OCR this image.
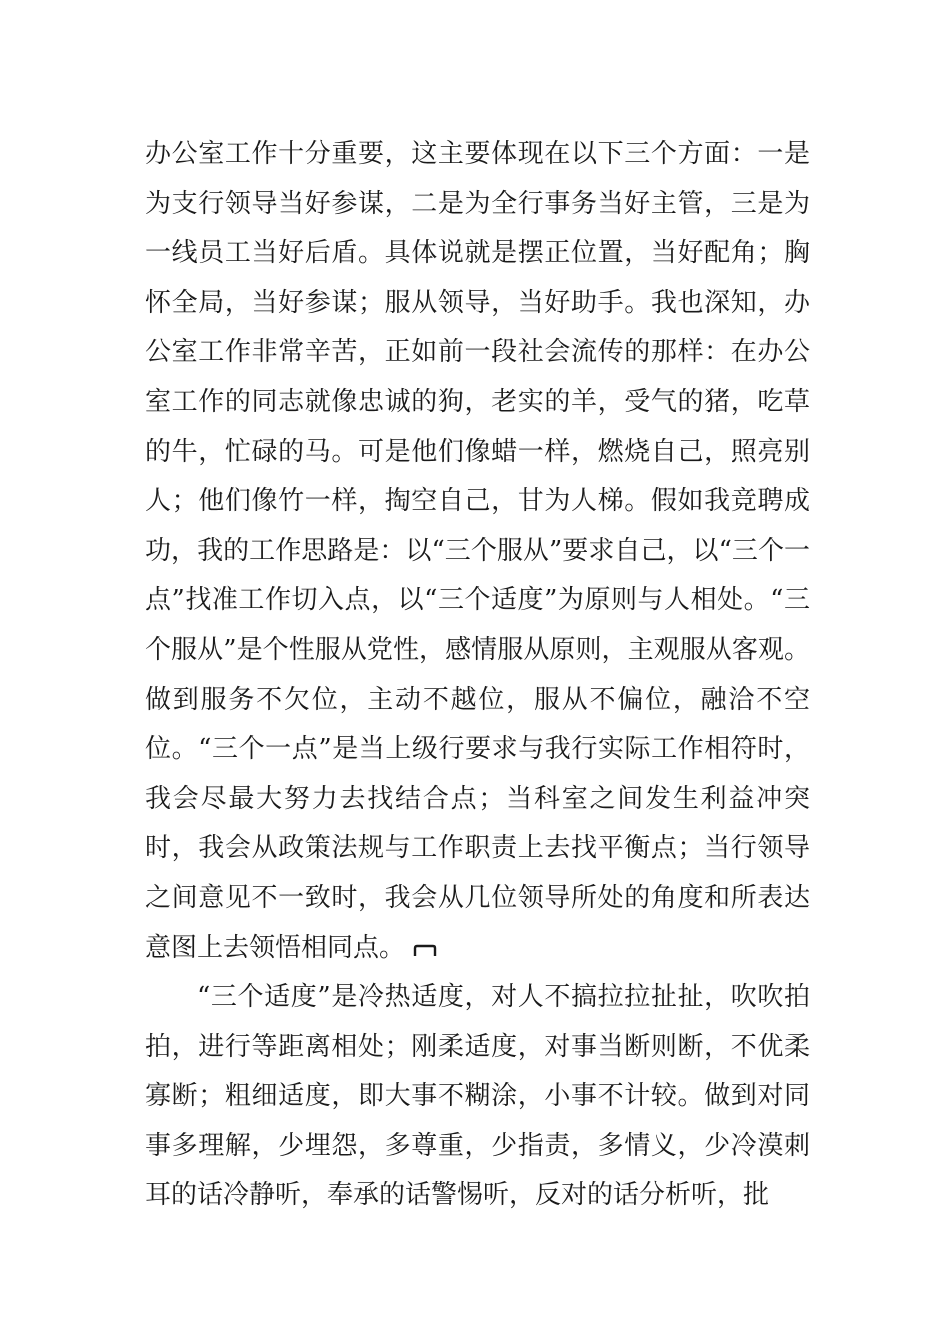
办公室工作十分重要，这主要体现在以下三个方面：一是为支行领导当好参谋，二是为全行事务当好主管，三是为一线员工当好后盾。具体说就是摆正位置，当好配角；胸怀全局，当好参谋；服从领导，当好助手。我也深知，办公室工作非常辛苦，正如前一段社会流传的那样：在办公室工作的同志就像忠诚的狗，老实的羊，受气的猪，吃草的牛，忙碌的马。可是他们像蜡一样，燃烧自己，照亮别人；他们像竹一样，掏空自己，甘为人梯。假如我竞聘成功，我的工作思路是：以“三个服从”要求自己，以“三个一点”找准工作切入点，以“三个适度”为原则与人相处。“三个服从”是个性服从党性，感情服从原则，主观服从客观。做到服务不欠位，主动不越位，服从不偏位，融洽不空位。“三个一点”是当上级行要求与我行实际工作相符时，我会尽最大努力去找结合点；当科室之间发生利益冲突时，我会从政策法规与工作职责上去找平衡点；当行领导之间意见不一致时，我会从几位领导所处的角度和所表达意图上去领悟相同点。

“三个适度”是冷热适度，对人不搞拉拉扯扯，吹吹拍拍，进行等距离相处；刚柔适度，对事当断则断，不优柔寡断；粗细适度，即大事不糊涂，小事不计较。做到对同事多理解，少埋怨，多尊重，少指责，多情义，少冷漠刺耳的话冷静听，奉承的话警惕听，反对的话分析听，批
